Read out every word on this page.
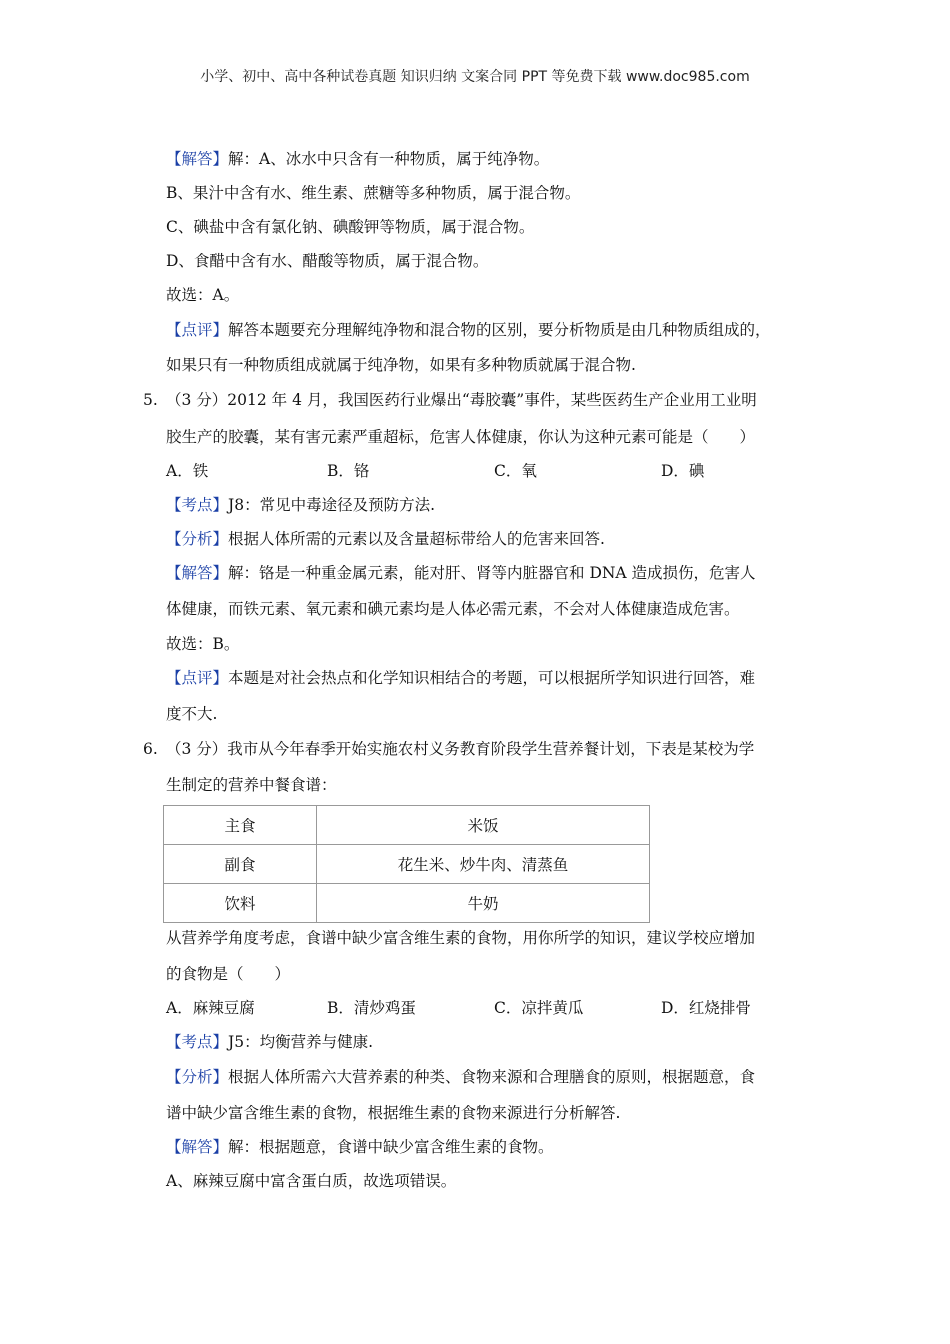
小学、初中、高中各种试卷真题 知识归纳 文案合同 PPT 等免费下载 www.doc985.com
【解答】解：A、冰水中只含有一种物质，属于纯净物。
B、果汁中含有水、维生素、蔗糖等多种物质，属于混合物。
C、碘盐中含有氯化钠、碘酸钾等物质，属于混合物。
D、食醋中含有水、醋酸等物质，属于混合物。
故选：A。
【点评】解答本题要充分理解纯净物和混合物的区别，要分析物质是由几种物质组成的，
如果只有一种物质组成就属于纯净物，如果有多种物质就属于混合物.
5. （3 分）2012 年 4 月，我国医药行业爆出“毒胶囊”事件，某些医药生产企业用工业明
胶生产的胶囊，某有害元素严重超标，危害人体健康，你认为这种元素可能是（　　）
A．铁	B．铬	C．氧	D．碘
【考点】J8：常见中毒途径及预防方法.
【分析】根据人体所需的元素以及含量超标带给人的危害来回答.
【解答】解：铬是一种重金属元素，能对肝、肾等内脏器官和 DNA 造成损伤，危害人
体健康，而铁元素、氧元素和碘元素均是人体必需元素，不会对人体健康造成危害。
故选：B。
【点评】本题是对社会热点和化学知识相结合的考题，可以根据所学知识进行回答，难
度不大.
6. （3 分）我市从今年春季开始实施农村义务教育阶段学生营养餐计划，下表是某校为学
生制定的营养中餐食谱：
主食	米饭
副食	花生米、炒牛肉、清蒸鱼
饮料	牛奶
从营养学角度考虑，食谱中缺少富含维生素的食物，用你所学的知识，建议学校应增加
的食物是（　　）
A．麻辣豆腐	B．清炒鸡蛋	C．凉拌黄瓜	D．红烧排骨
【考点】J5：均衡营养与健康.
【分析】根据人体所需六大营养素的种类、食物来源和合理膳食的原则，根据题意，食
谱中缺少富含维生素的食物，根据维生素的食物来源进行分析解答.
【解答】解：根据题意，食谱中缺少富含维生素的食物。
A、麻辣豆腐中富含蛋白质，故选项错误。
